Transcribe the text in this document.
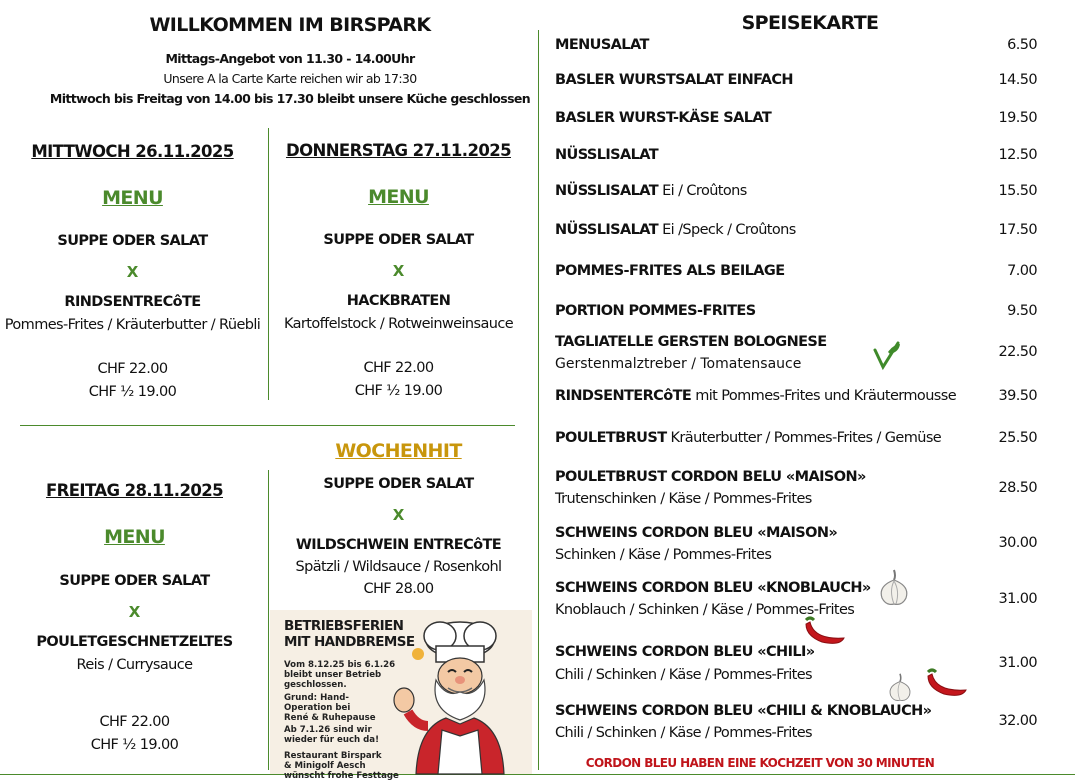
WILLKOMMEN IM BIRSPARK
Mittags-Angebot von 11.30 - 14.00Uhr
Unsere A la Carte Karte reichen wir ab 17:30
Mittwoch bis Freitag von 14.00 bis 17.30 bleibt unsere Küche geschlossen
MITTWOCH 26.11.2025
MENU
SUPPE ODER SALAT
X
RINDSENTRECôTE
Pommes-Frites / Kräuterbutter / Rüebli
CHF 22.00
CHF ½ 19.00
DONNERSTAG 27.11.2025
MENU
SUPPE ODER SALAT
X
HACKBRATEN
Kartoffelstock / Rotweinweinsauce
CHF 22.00
CHF ½ 19.00
FREITAG 28.11.2025
MENU
SUPPE ODER SALAT
X
POULETGESCHNETZELTES
Reis / Currysauce
CHF 22.00
CHF ½ 19.00
WOCHENHIT
SUPPE ODER SALAT
X
WILDSCHWEIN ENTRECôTE
Spätzli / Wildsauce / Rosenkohl
CHF 28.00
BETRIEBSFERIEN
MIT HANDBREMSE
Vom 8.12.25 bis 6.1.26
bleibt unser Betrieb
geschlossen.
Grund: Hand-
Operation bei
René & Ruhepause
Ab 7.1.26 sind wir
wieder für euch da!
Restaurant Birspark
& Minigolf Aesch
wünscht frohe Festtage
SPEISEKARTE
MENUSALAT	6.50
BASLER WURSTSALAT EINFACH	14.50
BASLER WURST-KÄSE SALAT	19.50
NÜSSLISALAT	12.50
NÜSSLISALAT Ei / Croûtons	15.50
NÜSSLISALAT Ei /Speck / Croûtons	17.50
POMMES-FRITES ALS BEILAGE	7.00
PORTION POMMES-FRITES	9.50
TAGLIATELLE GERSTEN BOLOGNESE
Gerstenmalztreber / Tomatensauce
22.50
RINDSENTERCôTE mit Pommes-Frites und Kräutermousse	39.50
POULETBRUST Kräuterbutter / Pommes-Frites / Gemüse	25.50
POULETBRUST CORDON BELU «MAISON»
Trutenschinken / Käse / Pommes-Frites
28.50
SCHWEINS CORDON BLEU «MAISON»
Schinken / Käse / Pommes-Frites
30.00
SCHWEINS CORDON BLEU «KNOBLAUCH»
Knoblauch / Schinken / Käse / Pommes-Frites
31.00
SCHWEINS CORDON BLEU «CHILI»
Chili / Schinken / Käse / Pommes-Frites
31.00
SCHWEINS CORDON BLEU «CHILI & KNOBLAUCH»
Chili / Schinken / Käse / Pommes-Frites
32.00
CORDON BLEU HABEN EINE KOCHZEIT VON 30 MINUTEN
